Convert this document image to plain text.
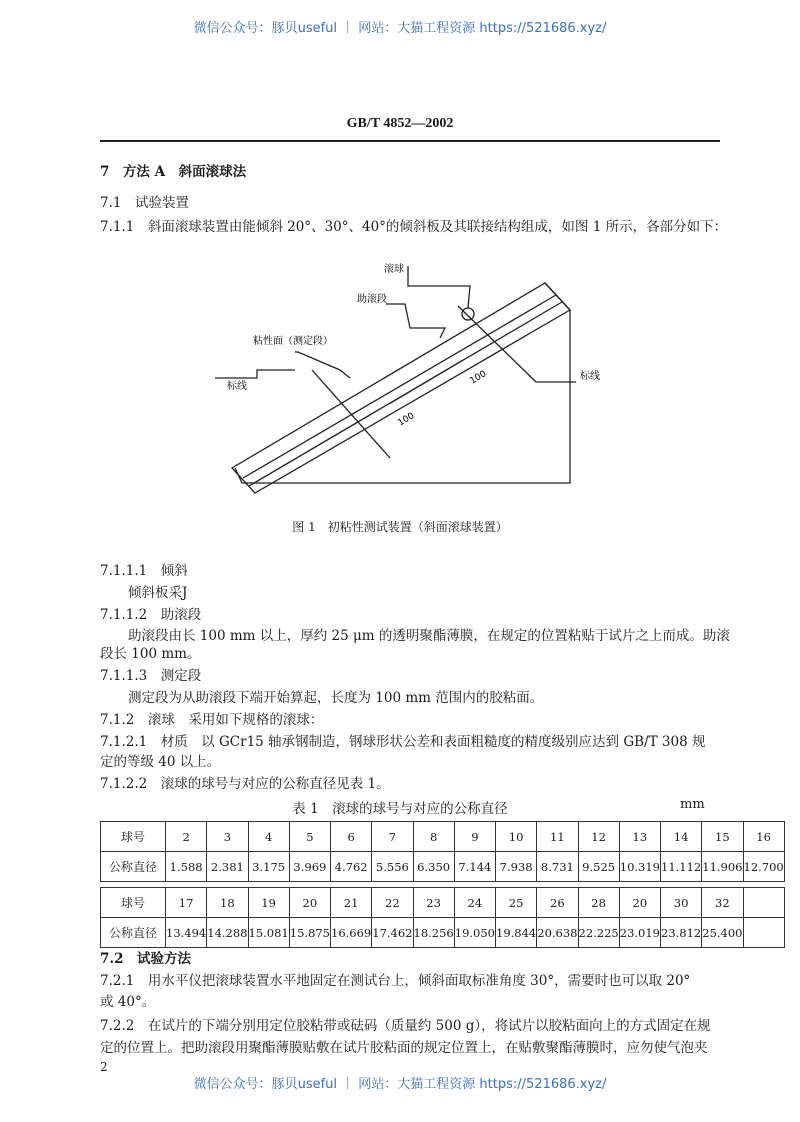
微信公众号：豚贝useful ｜ 网站：大猫工程资源 https://521686.xyz/
GB/T 4852—2002
7　方法 A　斜面滚球法
7.1　试验装置
7.1.1　斜面滚球装置由能倾斜 20°、30°、40°的倾斜板及其联接结构组成，如图 1 所示，各部分如下：
滚球
助滚段
粘性面（测定段）
标线
标线
100
100
图 1　初粘性测试装置（斜面滚球装置）
7.1.1.1　倾斜
倾斜板采J
7.1.1.2　助滚段
助滚段由长 100 mm 以上，厚约 25 μm 的透明聚酯薄膜，在规定的位置粘贴于试片之上而成。助滚
段长 100 mm。
7.1.1.3　测定段
测定段为从助滚段下端开始算起，长度为 100 mm 范围内的胶粘面。
7.1.2　滚球　采用如下规格的滚球：
7.1.2.1　材质　以 GCr15 轴承钢制造，钢球形状公差和表面粗糙度的精度级别应达到 GB/T 308 规
定的等级 40 以上。
7.1.2.2　滚球的球号与对应的公称直径见表 1。
表 1　滚球的球号与对应的公称直径	mm
球号	2	3	4	5	6	7	8	9	10	11	12	13	14	15	16
公称直径	1.588	2.381	3.175	3.969	4.762	5.556	6.350	7.144	7.938	8.731	9.525	10.319	11.112	11.906	12.700

球号	17	18	19	20	21	22	23	24	25	26	28	20	30	32	
公称直径	13.494	14.288	15.081	15.875	16.669	17.462	18.256	19.050	19.844	20.638	22.225	23.019	23.812	25.400	
7.2　试验方法
7.2.1　用水平仪把滚球装置水平地固定在测试台上，倾斜面取标准角度 30°，需要时也可以取 20°
或 40°。
7.2.2　在试片的下端分别用定位胶粘带或砝码（质量约 500 g），将试片以胶粘面向上的方式固定在规
定的位置上。把助滚段用聚酯薄膜贴敷在试片胶粘面的规定位置上，在贴敷聚酯薄膜时，应勿使气泡夹
2
微信公众号：豚贝useful ｜ 网站：大猫工程资源 https://521686.xyz/
